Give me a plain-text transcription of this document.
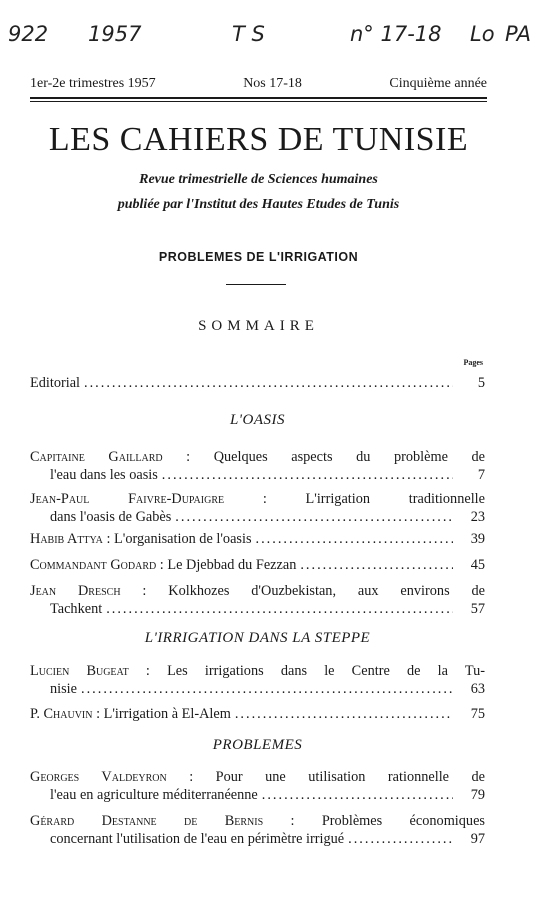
922 1957	T S	n° 17-18 Lo PA
1er-2e trimestres 1957	Nos 17-18	Cinquième année
LES CAHIERS DE TUNISIE
Revue trimestrielle de Sciences humaines
publiée par l'Institut des Hautes Etudes de Tunis
PROBLEMES DE L'IRRIGATION
SOMMAIRE
Pages
Editorial .....	5
L'OASIS
Capitaine Gaillard : Quelques aspects du problème de
l'eau dans les oasis .....	7
Jean-Paul Faivre-Dupaigre : L'irrigation traditionnelle
dans l'oasis de Gabès .....	23
Habib Attya : L'organisation de l'oasis .....	39
Commandant Godard : Le Djebbad du Fezzan .....	45
Jean Dresch : Kolkhozes d'Ouzbekistan, aux environs de
Tachkent .....	57
L'IRRIGATION DANS LA STEPPE
Lucien Bugeat : Les irrigations dans le Centre de la Tu-
nisie .....	63
P. Chauvin : L'irrigation à El-Alem .....	75
PROBLEMES
Georges Valdeyron : Pour une utilisation rationnelle de
l'eau en agriculture méditerranéenne .....	79
Gérard Destanne de Bernis : Problèmes économiques
concernant l'utilisation de l'eau en périmètre irrigué .....	97
